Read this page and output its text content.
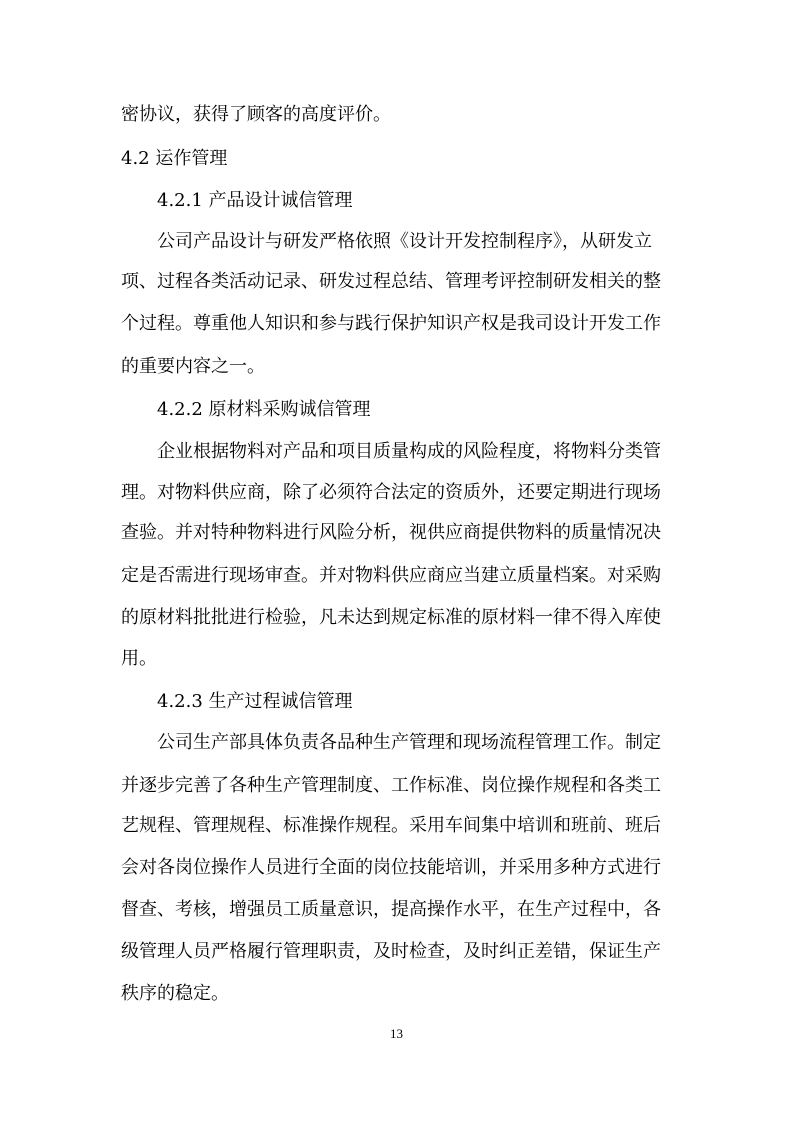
密协议，获得了顾客的高度评价。
4.2 运作管理
4.2.1 产品设计诚信管理
公司产品设计与研发严格依照《设计开发控制程序》，从研发立
项、过程各类活动记录、研发过程总结、管理考评控制研发相关的整
个过程。尊重他人知识和参与践行保护知识产权是我司设计开发工作
的重要内容之一。
4.2.2 原材料采购诚信管理
企业根据物料对产品和项目质量构成的风险程度，将物料分类管
理。对物料供应商，除了必须符合法定的资质外，还要定期进行现场
查验。并对特种物料进行风险分析，视供应商提供物料的质量情况决
定是否需进行现场审查。并对物料供应商应当建立质量档案。对采购
的原材料批批进行检验，凡未达到规定标准的原材料一律不得入库使
用。
4.2.3 生产过程诚信管理
公司生产部具体负责各品种生产管理和现场流程管理工作。制定
并逐步完善了各种生产管理制度、工作标准、岗位操作规程和各类工
艺规程、管理规程、标准操作规程。采用车间集中培训和班前、班后
会对各岗位操作人员进行全面的岗位技能培训，并采用多种方式进行
督查、考核，增强员工质量意识，提高操作水平，在生产过程中，各
级管理人员严格履行管理职责，及时检查，及时纠正差错，保证生产
秩序的稳定。
13
